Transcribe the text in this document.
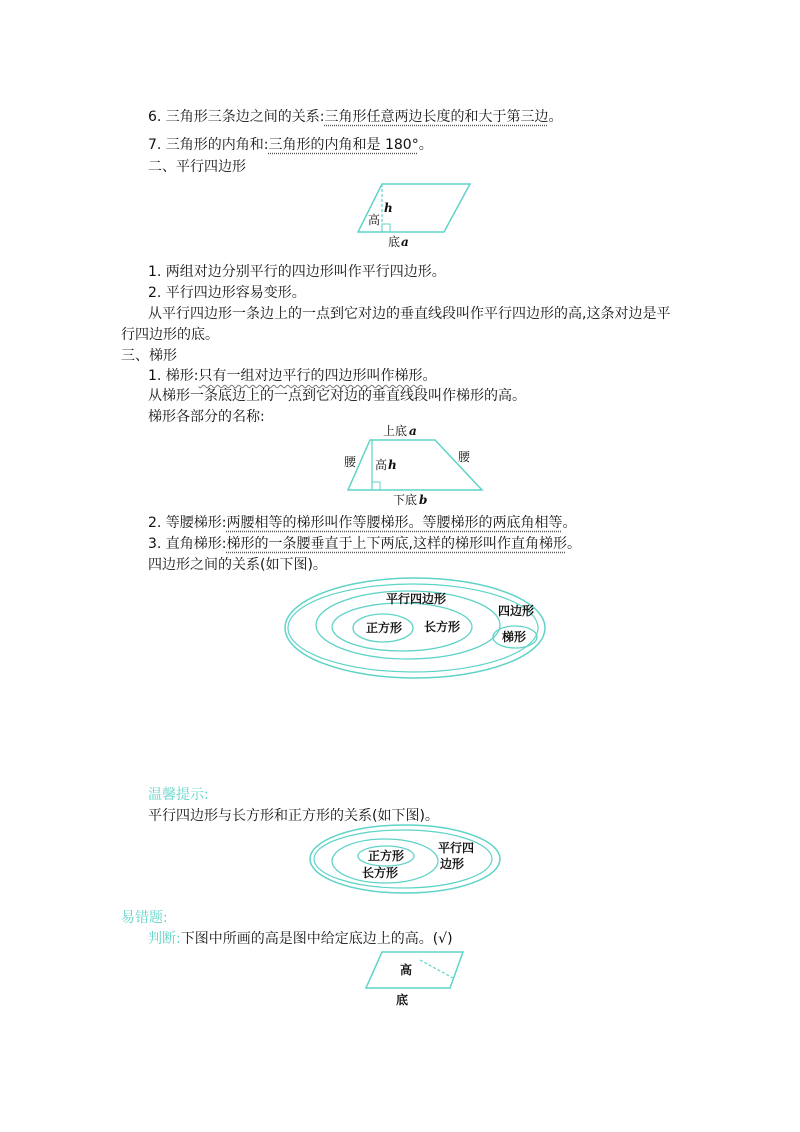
6. 三角形三条边之间的关系:三角形任意两边长度的和大于第三边。
7. 三角形的内角和:三角形的内角和是 180°。
二、平行四边形
高
h
底 a
1. 两组对边分别平行的四边形叫作平行四边形。
2. 平行四边形容易变形。
从平行四边形一条边上的一点到它对边的垂直线段叫作平行四边形的高,这条对边是平
行四边形的底。
三、梯形
1. 梯形:只有一组对边平行的四边形叫作梯形。
从梯形一条底边上的一点到它对边的垂直线段叫作梯形的高。
梯形各部分的名称:
上底 a
腰	腰
高 h
下底 b
2. 等腰梯形:两腰相等的梯形叫作等腰梯形。等腰梯形的两底角相等。
3. 直角梯形:梯形的一条腰垂直于上下两底,这样的梯形叫作直角梯形。
四边形之间的关系(如下图)。
四边形
平行四边形
长方形
正方形
梯形
温馨提示:
平行四边形与长方形和正方形的关系(如下图)。
正方形
长方形
平行四
边形
易错题:
判断:下图中所画的高是图中给定底边上的高。(√)
高
底
